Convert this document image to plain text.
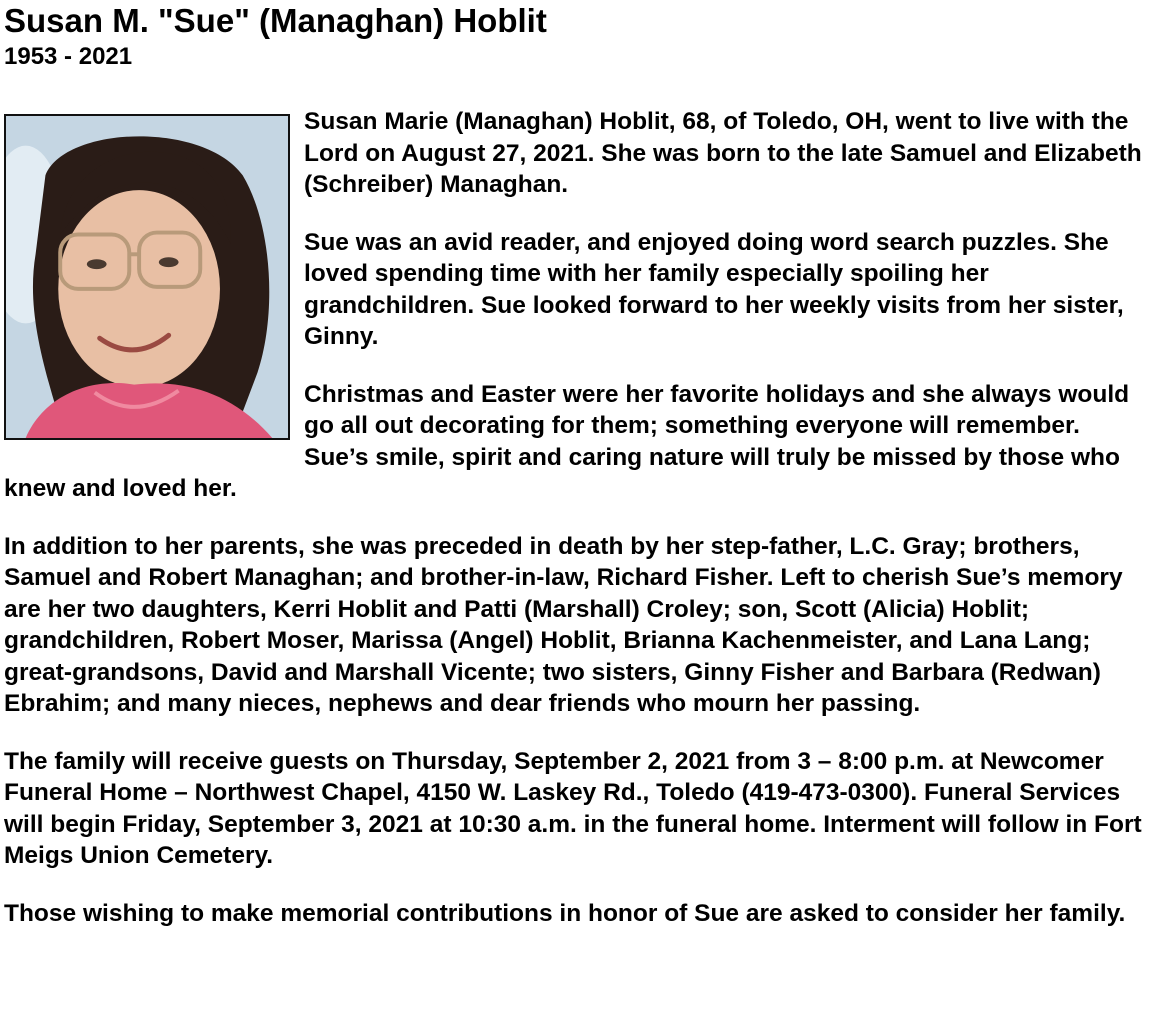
Susan M. "Sue" (Managhan) Hoblit
1953 - 2021

Susan Marie (Managhan) Hoblit, 68, of Toledo, OH, went to live with the Lord on August 27, 2021. She was born to the late Samuel and Elizabeth (Schreiber) Managhan.

Sue was an avid reader, and enjoyed doing word search puzzles. She loved spending time with her family especially spoiling her grandchildren. Sue looked forward to her weekly visits from her sister, Ginny.

Christmas and Easter were her favorite holidays and she always would go all out decorating for them; something everyone will remember. Sue’s smile, spirit and caring nature will truly be missed by those who knew and loved her.

In addition to her parents, she was preceded in death by her step-father, L.C. Gray; brothers, Samuel and Robert Managhan; and brother-in-law, Richard Fisher. Left to cherish Sue’s memory are her two daughters, Kerri Hoblit and Patti (Marshall) Croley; son, Scott (Alicia) Hoblit; grandchildren, Robert Moser, Marissa (Angel) Hoblit, Brianna Kachenmeister, and Lana Lang; great-grandsons, David and Marshall Vicente; two sisters, Ginny Fisher and Barbara (Redwan) Ebrahim; and many nieces, nephews and dear friends who mourn her passing.

The family will receive guests on Thursday, September 2, 2021 from 3 – 8:00 p.m. at Newcomer Funeral Home – Northwest Chapel, 4150 W. Laskey Rd., Toledo (419-473-0300). Funeral Services will begin Friday, September 3, 2021 at 10:30 a.m. in the funeral home. Interment will follow in Fort Meigs Union Cemetery.

Those wishing to make memorial contributions in honor of Sue are asked to consider her family.
